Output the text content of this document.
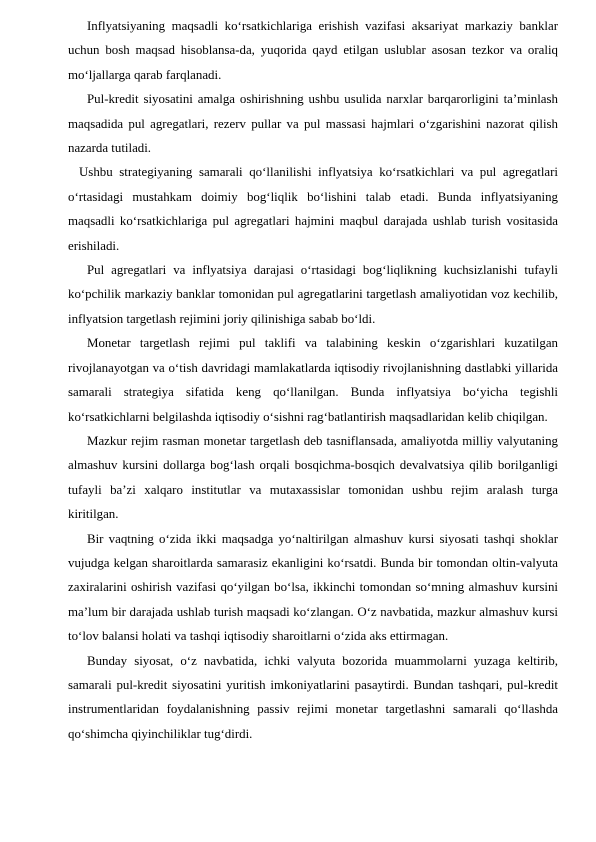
Inflyatsiyaning maqsadli ko‘rsatkichlariga erishish vazifasi aksariyat markaziy banklar uchun bosh maqsad hisoblansa-da, yuqorida qayd etilgan uslublar asosan tezkor va oraliq mo‘ljallarga qarab farqlanadi.

Pul-kredit siyosatini amalga oshirishning ushbu usulida narxlar barqarorligini ta’minlash maqsadida pul agregatlari, rezerv pullar va pul massasi hajmlari o‘zgarishini nazorat qilish nazarda tutiladi.

Ushbu strategiyaning samarali qo‘llanilishi inflyatsiya ko‘rsatkichlari va pul agregatlari o‘rtasidagi mustahkam doimiy bog‘liqlik bo‘lishini talab etadi. Bunda inflyatsiyaning maqsadli ko‘rsatkichlariga pul agregatlari hajmini maqbul darajada ushlab turish vositasida erishiladi.

Pul agregatlari va inflyatsiya darajasi o‘rtasidagi bog‘liqlikning kuchsizlanishi tufayli ko‘pchilik markaziy banklar tomonidan pul agregatlarini targetlash amaliyotidan voz kechilib, inflyatsion targetlash rejimini joriy qilinishiga sabab bo‘ldi.

Monetar targetlash rejimi pul taklifi va talabining keskin o‘zgarishlari kuzatilgan rivojlanayotgan va o‘tish davridagi mamlakatlarda iqtisodiy rivojlanishning dastlabki yillarida samarali strategiya sifatida keng qo‘llanilgan. Bunda inflyatsiya bo‘yicha tegishli ko‘rsatkichlarni belgilashda iqtisodiy o‘sishni rag‘batlantirish maqsadlaridan kelib chiqilgan.

Mazkur rejim rasman monetar targetlash deb tasniflansada, amaliyotda milliy valyutaning almashuv kursini dollarga bog‘lash orqali bosqichma-bosqich devalvatsiya qilib borilganligi tufayli ba’zi xalqaro institutlar va mutaxassislar tomonidan ushbu rejim aralash turga kiritilgan.

Bir vaqtning o‘zida ikki maqsadga yo‘naltirilgan almashuv kursi siyosati tashqi shoklar vujudga kelgan sharoitlarda samarasiz ekanligini ko‘rsatdi. Bunda bir tomondan oltin-valyuta zaxiralarini oshirish vazifasi qo‘yilgan bo‘lsa, ikkinchi tomondan so‘mning almashuv kursini ma’lum bir darajada ushlab turish maqsadi ko‘zlangan. O‘z navbatida, mazkur almashuv kursi to‘lov balansi holati va tashqi iqtisodiy sharoitlarni o‘zida aks ettirmagan.

Bunday siyosat, o‘z navbatida, ichki valyuta bozorida muammolarni yuzaga keltirib, samarali pul-kredit siyosatini yuritish imkoniyatlarini pasaytirdi. Bundan tashqari, pul-kredit instrumentlaridan foydalanishning passiv rejimi monetar targetlashni samarali qo‘llashda qo‘shimcha qiyinchiliklar tug‘dirdi.
